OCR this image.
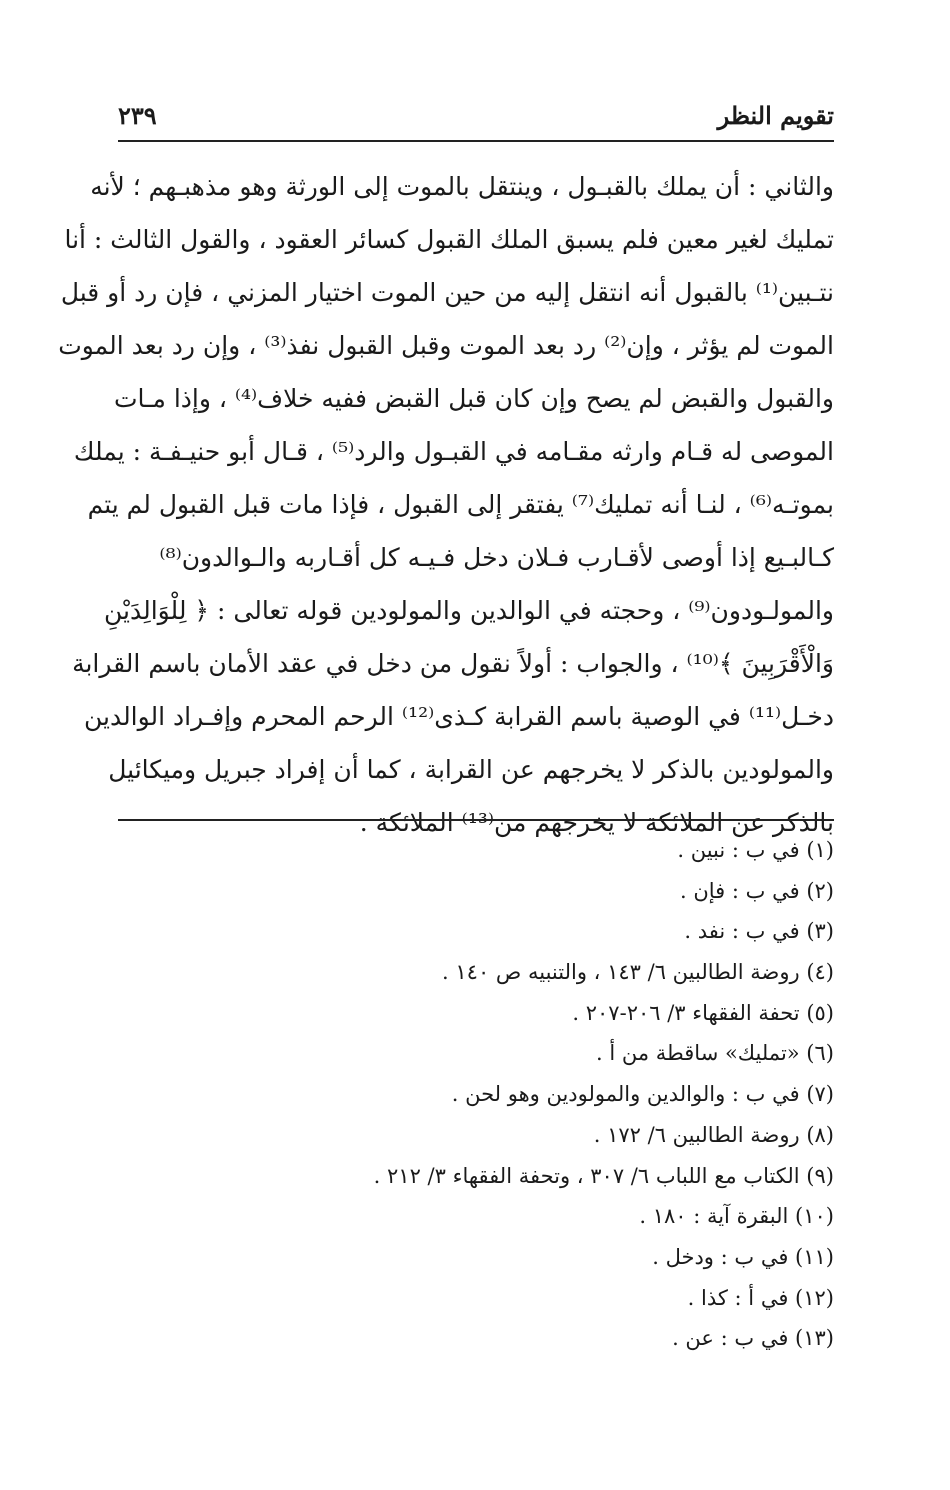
تقويم النظر
٢٣٩
والثاني : أن يملك بالقبـول ، وينتقل بالموت إلى الورثة وهو مذهبـهم ؛ لأنه
تمليك لغير معين فلم يسبق الملك القبول كسائر العقود ، والقول الثالث : أنا
نتـبين⁽¹⁾ بالقبول أنه انتقل إليه من حين الموت اختيار المزني ، فإن رد أو قبل
الموت لم يؤثر ، وإن⁽²⁾ رد بعد الموت وقبل القبول نفذ⁽³⁾ ، وإن رد بعد الموت
والقبول والقبض لم يصح وإن كان قبل القبض ففيه خلاف⁽⁴⁾ ، وإذا مـات
الموصى له قـام وارثه مقـامه في القبـول والرد⁽⁵⁾ ، قـال أبو حنيـفـة : يملك
بموتـه⁽⁶⁾ ، لنـا أنه تمليك⁽⁷⁾ يفتقر إلى القبول ، فإذا مات قبل القبول لم يتم
كـالبـيع إذا أوصى لأقـارب فـلان دخل فـيـه كل أقـاربه والـوالدون⁽⁸⁾
والمولـودون⁽⁹⁾ ، وحجته في الوالدين والمولودين قوله تعالى : ﴿ لِلْوَالِدَيْنِ
وَالْأَقْرَبِينَ ﴾⁽¹⁰⁾ ، والجواب : أولاً نقول من دخل في عقد الأمان باسم القرابة
دخـل⁽¹¹⁾ في الوصية باسم القرابة كـذى⁽¹²⁾ الرحم المحرم وإفـراد الوالدين
والمولودين بالذكر لا يخرجهم عن القرابة ، كما أن إفراد جبريل وميكائيل
بالذكر عن الملائكة لا يخرجهم من⁽¹³⁾ الملائكة .
(١) في ب : نبين .
(٢) في ب : فإن .
(٣) في ب : نفد .
(٤) روضة الطالبين ٦/ ١٤٣ ، والتنبيه ص ١٤٠ .
(٥) تحفة الفقهاء ٣/ ٢٠٦-٢٠٧ .
(٦) «تمليك» ساقطة من أ .
(٧) في ب : والوالدين والمولودين وهو لحن .
(٨) روضة الطالبين ٦/ ١٧٢ .
(٩) الكتاب مع اللباب ٦/ ٣٠٧ ، وتحفة الفقهاء ٣/ ٢١٢ .
(١٠) البقرة آية : ١٨٠ .
(١١) في ب : ودخل .
(١٢) في أ : كذا .
(١٣) في ب : عن .
